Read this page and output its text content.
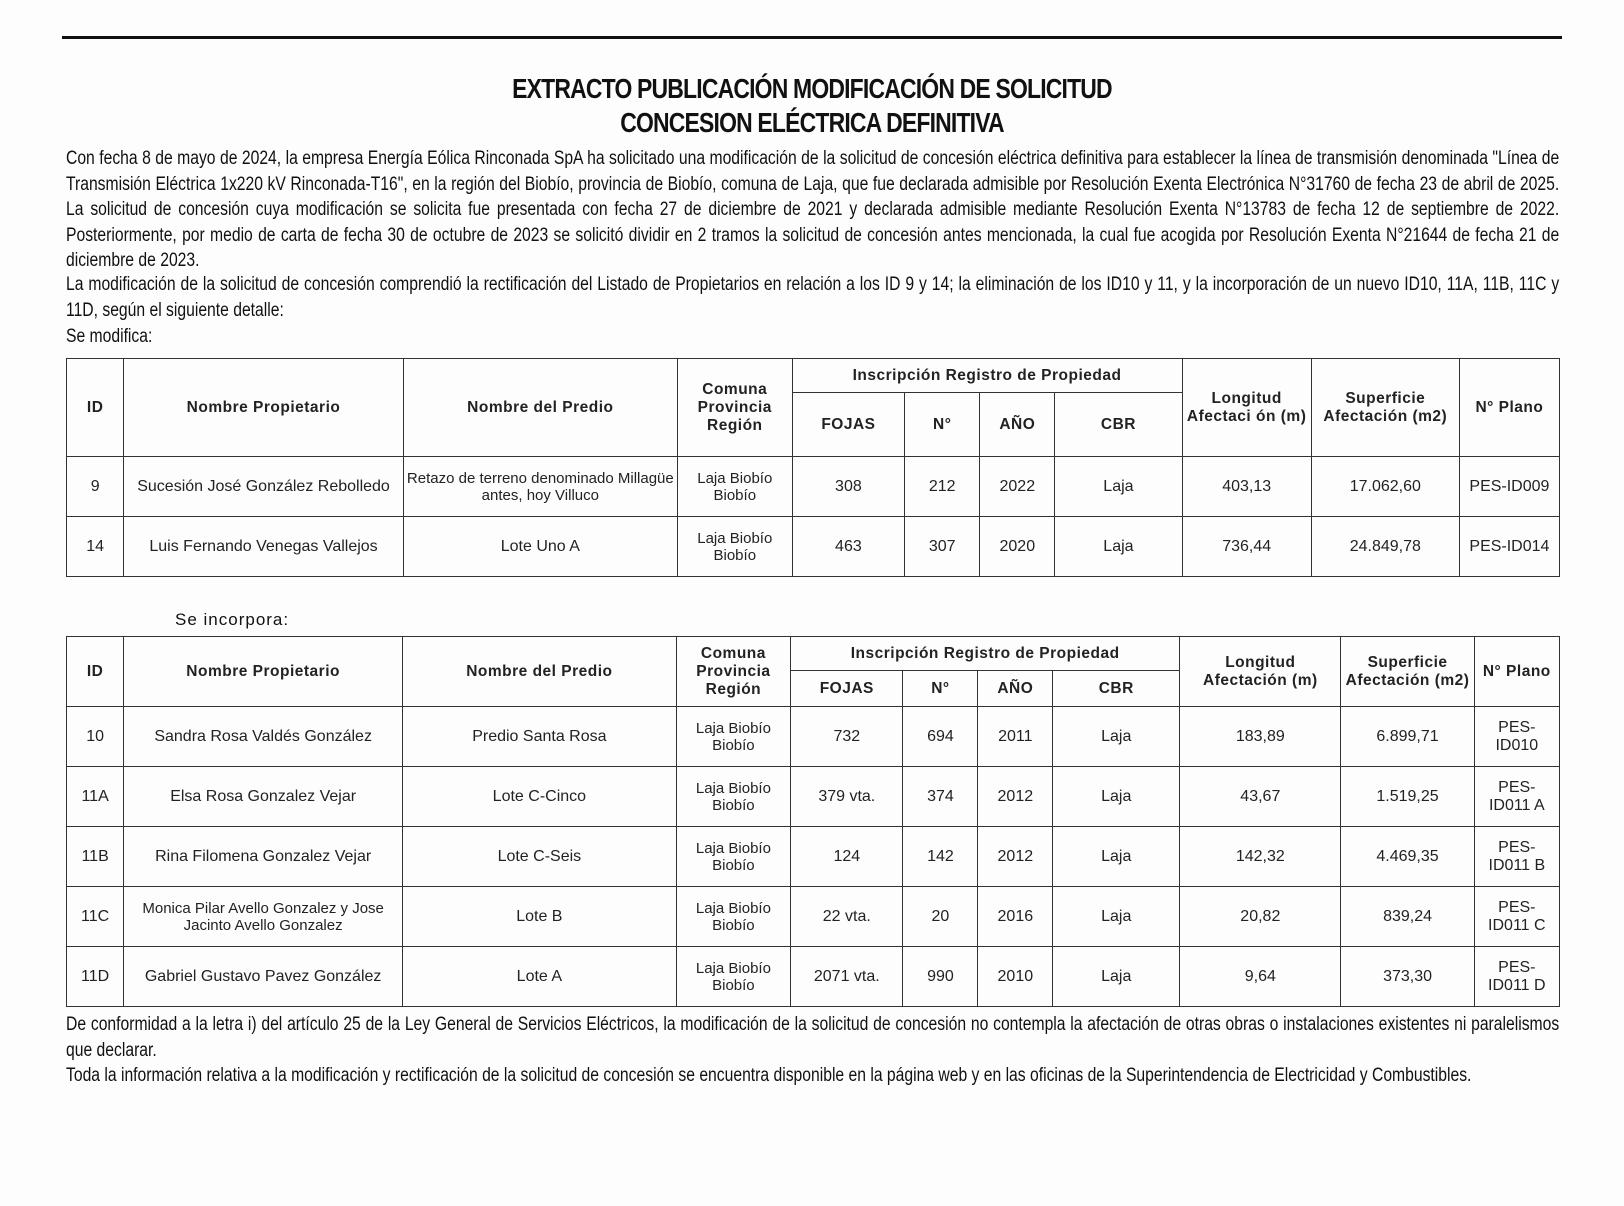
EXTRACTO PUBLICACIÓN MODIFICACIÓN DE SOLICITUD
CONCESION ELÉCTRICA DEFINITIVA

Con fecha 8 de mayo de 2024, la empresa Energía Eólica Rinconada SpA ha solicitado una modificación de la solicitud de concesión eléctrica definitiva para establecer la línea de transmisión denominada "Línea de Transmisión Eléctrica 1x220 kV Rinconada-T16", en la región del Biobío, provincia de Biobío, comuna de Laja, que fue declarada admisible por Resolución Exenta Electrónica N°31760 de fecha 23 de abril de 2025. La solicitud de concesión cuya modificación se solicita fue presentada con fecha 27 de diciembre de 2021 y declarada admisible mediante Resolución Exenta N°13783 de fecha 12 de septiembre de 2022. Posteriormente, por medio de carta de fecha 30 de octubre de 2023 se solicitó dividir en 2 tramos la solicitud de concesión antes mencionada, la cual fue acogida por Resolución Exenta N°21644 de fecha 21 de diciembre de 2023.

La modificación de la solicitud de concesión comprendió la rectificación del Listado de Propietarios en relación a los ID 9 y 14; la eliminación de los ID10 y 11, y la incorporación de un nuevo ID10, 11A, 11B, 11C y 11D, según el siguiente detalle:

Se modifica:

ID	Nombre Propietario	Nombre del Predio	Comuna Provincia Región	Inscripción Registro de Propiedad				Longitud Afectaci ón (m)	Superficie Afectación (m2)	N° Plano
				FOJAS	N°	AÑO	CBR			
9	Sucesión José González Rebolledo	Retazo de terreno denominado Millagüe antes, hoy Villuco	Laja Biobío Biobío	308	212	2022	Laja	403,13	17.062,60	PES-ID009
14	Luis Fernando Venegas Vallejos	Lote Uno A	Laja Biobío Biobío	463	307	2020	Laja	736,44	24.849,78	PES-ID014
Se incorpora:
ID	Nombre Propietario	Nombre del Predio	Comuna Provincia Región	Inscripción Registro de Propiedad				Longitud Afectación (m)	Superficie Afectación (m2)	N° Plano
				FOJAS	N°	AÑO	CBR			
10	Sandra Rosa Valdés González	Predio Santa Rosa	Laja Biobío Biobío	732	694	2011	Laja	183,89	6.899,71	PES-ID010
11A	Elsa Rosa Gonzalez Vejar	Lote C-Cinco	Laja Biobío Biobío	379 vta.	374	2012	Laja	43,67	1.519,25	PES-ID011 A
11B	Rina Filomena Gonzalez Vejar	Lote C-Seis	Laja Biobío Biobío	124	142	2012	Laja	142,32	4.469,35	PES-ID011 B
11C	Monica Pilar Avello Gonzalez y Jose Jacinto Avello Gonzalez	Lote B	Laja Biobío Biobío	22 vta.	20	2016	Laja	20,82	839,24	PES-ID011 C
11D	Gabriel Gustavo Pavez González	Lote A	Laja Biobío Biobío	2071 vta.	990	2010	Laja	9,64	373,30	PES-ID011 D

De conformidad a la letra i) del artículo 25 de la Ley General de Servicios Eléctricos, la modificación de la solicitud de concesión no contempla la afectación de otras obras o instalaciones existentes ni paralelismos que declarar.

Toda la información relativa a la modificación y rectificación de la solicitud de concesión se encuentra disponible en la página web y en las oficinas de la Superintendencia de Electricidad y Combustibles.
